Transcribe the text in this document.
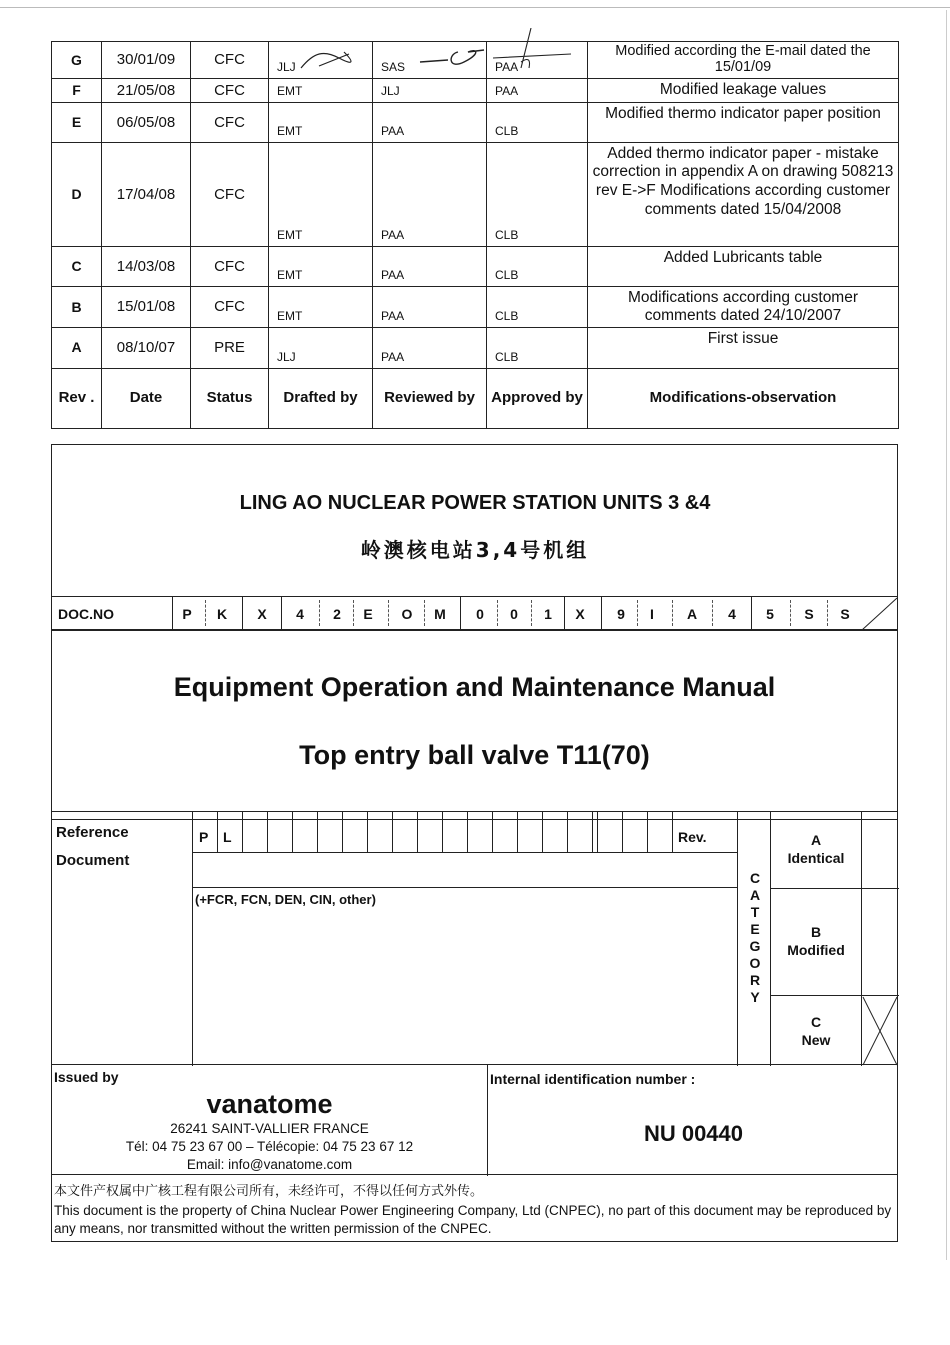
G	30/01/09	CFC	JLJ	SAS	PAA	Modified according the E-mail dated the 15/01/09
F	21/05/08	CFC	EMT	JLJ	PAA	Modified leakage values
E	06/05/08	CFC	EMT	PAA	CLB	Modified thermo indicator paper position
D	17/04/08	CFC	EMT	PAA	CLB	Added thermo indicator paper - mistake correction in appendix A on drawing 508213 rev E->F Modifications according customer comments dated 15/04/2008
C	14/03/08	CFC	EMT	PAA	CLB	Added Lubricants table
B	15/01/08	CFC	EMT	PAA	CLB	Modifications according customer comments dated 24/10/2007
A	08/10/07	PRE	JLJ	PAA	CLB	First issue
Rev .	Date	Status	Drafted by	Reviewed by	Approved by	Modifications-observation
LING AO NUCLEAR POWER STATION UNITS 3 &4
岭澳核电站3,4号机组
DOC.NO	P	K	X	4	2	E	O	M	0	0	1	X	9	I	A	4	5	S	S
Equipment Operation and Maintenance Manual
Top entry ball valve T11(70)
Reference
Document
P L	Rev.
(+FCR, FCN, DEN, CIN, other)
C
A
T
E
G
O
R
Y
A
Identical
B
Modified
C
New
Issued by
vanatome
26241 SAINT-VALLIER FRANCE
Tél: 04 75 23 67 00 – Télécopie: 04 75 23 67 12
Email: info@vanatome.com
Internal identification number :
NU 00440
本文件产权属中广核工程有限公司所有，未经许可，不得以任何方式外传。
This document is the property of China Nuclear Power Engineering Company, Ltd (CNPEC), no part of this document may be reproduced by any means, nor transmitted without the written permission of the CNPEC.
